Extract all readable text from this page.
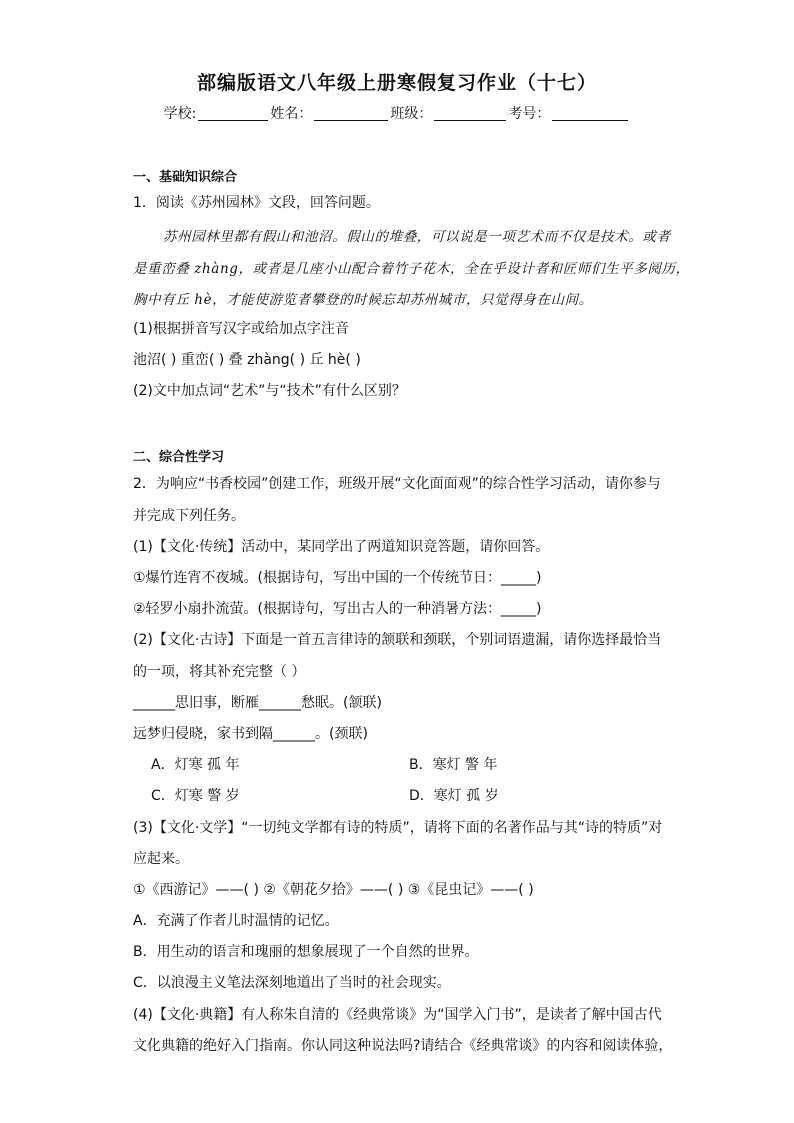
部编版语文八年级上册寒假复习作业（十七）
学校:	姓名：	班级：	考号：
一、基础知识综合
1．阅读《苏州园林》文段，回答问题。
苏州园林里都有假山和池沼。假山的堆叠，可以说是一项艺术而不仅是技术。或者
是重峦叠 zhàng，或者是几座小山配合着竹子花木，全在乎设计者和匠师们生平多阅历，
胸中有丘 hè，才能使游览者攀登的时候忘却苏州城市，只觉得身在山间。
(1)根据拼音写汉字或给加点字注音
池沼( ) 重峦( ) 叠 zhàng( ) 丘 hè( )
(2)文中加点词“艺术”与“技术”有什么区别？
二、综合性学习
2．为响应“书香校园”创建工作，班级开展“文化面面观”的综合性学习活动，请你参与
并完成下列任务。
(1)【文化·传统】活动中，某同学出了两道知识竞答题，请你回答。
①爆竹连宵不夜城。(根据诗句，写出中国的一个传统节日：_____)
②轻罗小扇扑流萤。(根据诗句，写出古人的一种消暑方法：_____)
(2)【文化·古诗】下面是一首五言律诗的颔联和颈联，个别词语遗漏，请你选择最恰当
的一项，将其补充完整（ ）
______思旧事，断雁______愁眠。(颔联)
远梦归侵晓，家书到隔______。(颈联)
A．灯寒 孤 年	B．寒灯 警 年
C．灯寒 警 岁	D．寒灯 孤 岁
(3)【文化·文学】“一切纯文学都有诗的特质”，请将下面的名著作品与其“诗的特质”对
应起来。
①《西游记》——( ) ②《朝花夕拾》——( ) ③《昆虫记》——( )
A．充满了作者儿时温情的记忆。
B．用生动的语言和瑰丽的想象展现了一个自然的世界。
C．以浪漫主义笔法深刻地道出了当时的社会现实。
(4)【文化·典籍】有人称朱自清的《经典常谈》为“国学入门书”，是读者了解中国古代
文化典籍的绝好入门指南。你认同这种说法吗?请结合《经典常谈》的内容和阅读体验，
